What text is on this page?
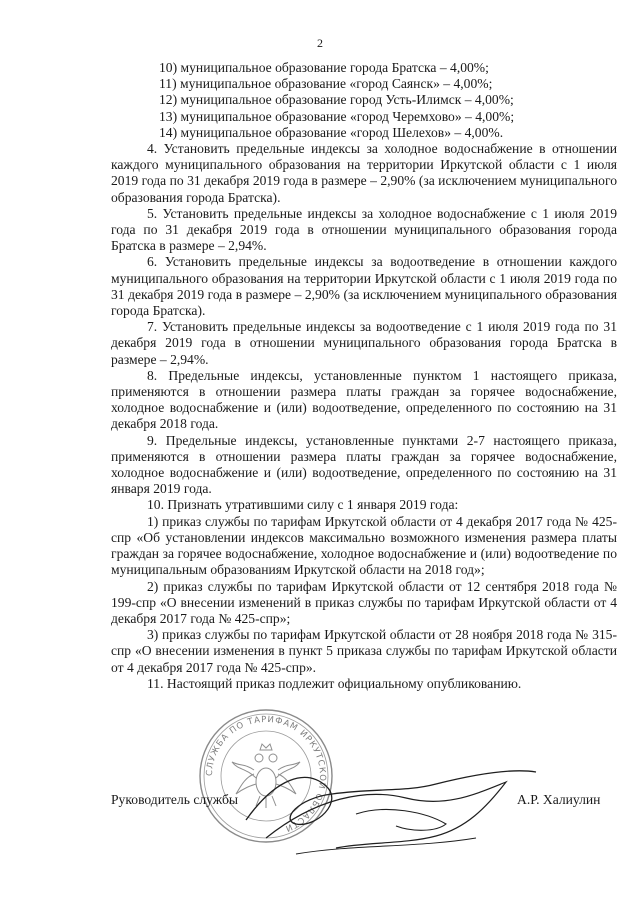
2

10) муниципальное образование города Братска – 4,00%;

11) муниципальное образование «город Саянск» – 4,00%;

12) муниципальное образование город Усть-Илимск – 4,00%;

13) муниципальное образование «город Черемхово» – 4,00%;

14) муниципальное образование «город Шелехов» – 4,00%.

4. Установить предельные индексы за холодное водоснабжение в отношении каждого муниципального образования на территории Иркутской области с 1 июля 2019 года по 31 декабря 2019 года в размере – 2,90% (за исключением муниципального образования города Братска).

5. Установить предельные индексы за холодное водоснабжение с 1 июля 2019 года по 31 декабря 2019 года в отношении муниципального образования города Братска в размере – 2,94%.

6. Установить предельные индексы за водоотведение в отношении каждого муниципального образования на территории Иркутской области с 1 июля 2019 года по 31 декабря 2019 года в размере – 2,90% (за исключением муниципального образования города Братска).

7. Установить предельные индексы за водоотведение с 1 июля 2019 года по 31 декабря 2019 года в отношении муниципального образования города Братска в размере – 2,94%.

8. Предельные индексы, установленные пунктом 1 настоящего приказа, применяются в отношении размера платы граждан за горячее водоснабжение, холодное водоснабжение и (или) водоотведение, определенного по состоянию на 31 декабря 2018 года.

9. Предельные индексы, установленные пунктами 2-7 настоящего приказа, применяются в отношении размера платы граждан за горячее водоснабжение, холодное водоснабжение и (или) водоотведение, определенного по состоянию на 31 января 2019 года.

10. Признать утратившими силу с 1 января 2019 года:

1) приказ службы по тарифам Иркутской области от 4 декабря 2017 года № 425-спр «Об установлении индексов максимально возможного изменения размера платы граждан за горячее водоснабжение, холодное водоснабжение и (или) водоотведение по муниципальным образованиям Иркутской области на 2018 год»;

2) приказ службы по тарифам Иркутской области от 12 сентября 2018 года № 199-спр «О внесении изменений в приказ службы по тарифам Иркутской области от 4 декабря 2017 года № 425-спр»;

3) приказ службы по тарифам Иркутской области от 28 ноября 2018 года № 315-спр «О внесении изменения в пункт 5 приказа службы по тарифам Иркутской области от 4 декабря 2017 года № 425-спр».

11. Настоящий приказ подлежит официальному опубликованию.

СЛУЖБА ПО ТАРИФАМ ИРКУТСКОЙ ОБЛАСТИ
Руководитель службы	А.Р. Халиулин
